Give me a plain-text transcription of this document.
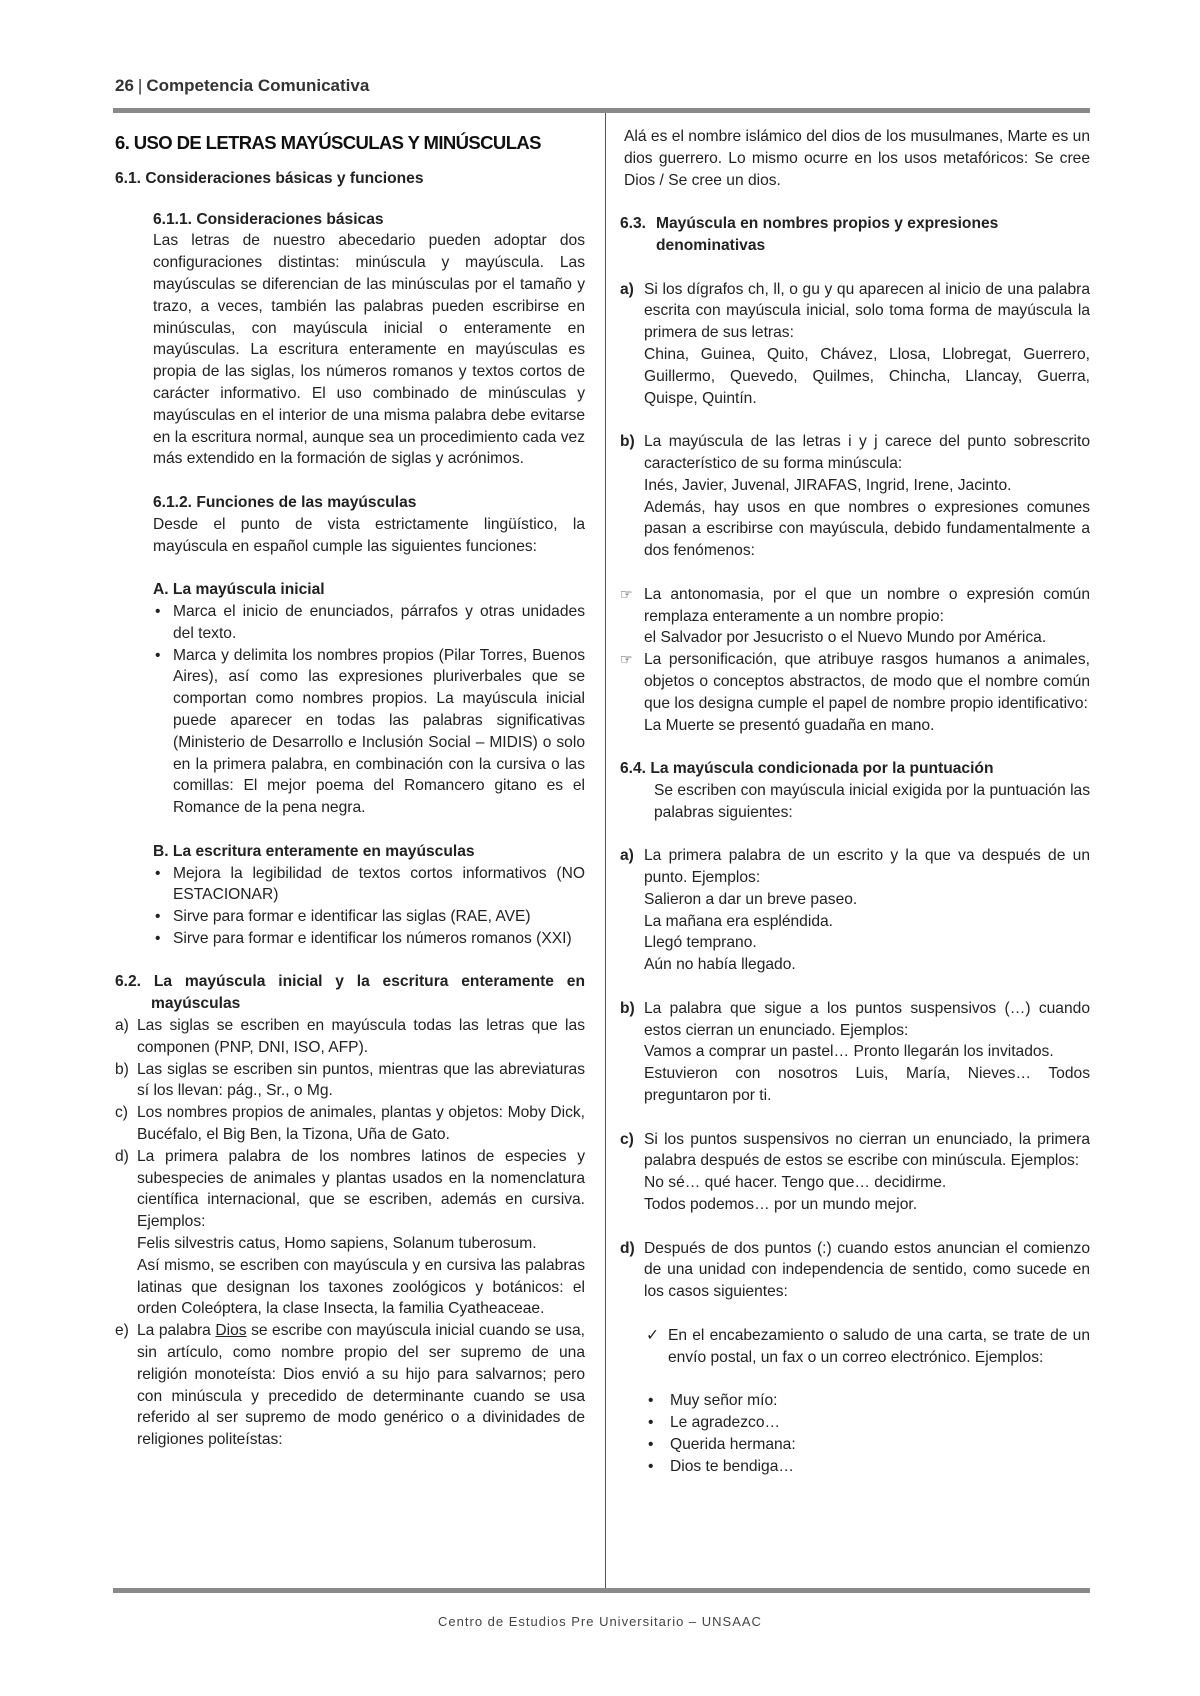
26 | Competencia Comunicativa
Centro de Estudios Pre Universitario – UNSAAC

6. USO DE LETRAS MAYÚSCULAS Y MINÚSCULAS

6.1. Consideraciones básicas y funciones

6.1.1. Consideraciones básicas

Las letras de nuestro abecedario pueden adoptar dos configuraciones distintas: minúscula y mayúscula. Las mayúsculas se diferencian de las minúsculas por el tamaño y trazo, a veces, también las palabras pueden escribirse en minúsculas, con mayúscula inicial o enteramente en mayúsculas. La escritura enteramente en mayúsculas es propia de las siglas, los números romanos y textos cortos de carácter informativo. El uso combinado de minúsculas y mayúsculas en el interior de una misma palabra debe evitarse en la escritura normal, aunque sea un procedimiento cada vez más extendido en la formación de siglas y acrónimos.

6.1.2. Funciones de las mayúsculas

Desde el punto de vista estrictamente lingüístico, la mayúscula en español cumple las siguientes funciones:

A. La mayúscula inicial

• Marca el inicio de enunciados, párrafos y otras unidades del texto.
• Marca y delimita los nombres propios (Pilar Torres, Buenos Aires), así como las expresiones pluriverbales que se comportan como nombres propios. La mayúscula inicial puede aparecer en todas las palabras significativas (Ministerio de Desarrollo e Inclusión Social – MIDIS) o solo en la primera palabra, en combinación con la cursiva o las comillas: El mejor poema del Romancero gitano es el Romance de la pena negra.

B. La escritura enteramente en mayúsculas

• Mejora la legibilidad de textos cortos informativos (NO ESTACIONAR)
• Sirve para formar e identificar las siglas (RAE, AVE)
• Sirve para formar e identificar los números romanos (XXI)
6.2. La mayúscula inicial y la escritura enteramente en mayúsculas
a) Las siglas se escriben en mayúscula todas las letras que las componen (PNP, DNI, ISO, AFP).
b) Las siglas se escriben sin puntos, mientras que las abreviaturas sí los llevan: pág., Sr., o Mg.
c) Los nombres propios de animales, plantas y objetos: Moby Dick, Bucéfalo, el Big Ben, la Tizona, Uña de Gato.
d) La primera palabra de los nombres latinos de especies y subespecies de animales y plantas usados en la nomenclatura científica internacional, que se escriben, además en cursiva. Ejemplos:

Felis silvestris catus, Homo sapiens, Solanum tuberosum.

Así mismo, se escriben con mayúscula y en cursiva las palabras latinas que designan los taxones zoológicos y botánicos: el orden Coleóptera, la clase Insecta, la familia Cyatheaceae.

e) La palabra Dios se escribe con mayúscula inicial cuando se usa, sin artículo, como nombre propio del ser supremo de una religión monoteísta: Dios envió a su hijo para salvarnos; pero con minúscula y precedido de determinante cuando se usa referido al ser supremo de modo genérico o a divinidades de religiones politeístas:

Alá es el nombre islámico del dios de los musulmanes, Marte es un dios guerrero. Lo mismo ocurre en los usos metafóricos: Se cree Dios / Se cree un dios.

6.3. Mayúscula en nombres propios y expresiones denominativas
a) Si los dígrafos ch, ll, o gu y qu aparecen al inicio de una palabra escrita con mayúscula inicial, solo toma forma de mayúscula la primera de sus letras:

China, Guinea, Quito, Chávez, Llosa, Llobregat, Guerrero, Guillermo, Quevedo, Quilmes, Chincha, Llancay, Guerra, Quispe, Quintín.

b) La mayúscula de las letras i y j carece del punto sobrescrito característico de su forma minúscula:

Inés, Javier, Juvenal, JIRAFAS, Ingrid, Irene, Jacinto.

Además, hay usos en que nombres o expresiones comunes pasan a escribirse con mayúscula, debido fundamentalmente a dos fenómenos:

☞ La antonomasia, por el que un nombre o expresión común remplaza enteramente a un nombre propio:

el Salvador por Jesucristo o el Nuevo Mundo por América.

☞ La personificación, que atribuye rasgos humanos a animales, objetos o conceptos abstractos, de modo que el nombre común que los designa cumple el papel de nombre propio identificativo:

La Muerte se presentó guadaña en mano.

6.4. La mayúscula condicionada por la puntuación

Se escriben con mayúscula inicial exigida por la puntuación las palabras siguientes:

a) La primera palabra de un escrito y la que va después de un punto. Ejemplos:

Salieron a dar un breve paseo.

La mañana era espléndida.

Llegó temprano.

Aún no había llegado.

b) La palabra que sigue a los puntos suspensivos (…) cuando estos cierran un enunciado. Ejemplos:

Vamos a comprar un pastel… Pronto llegarán los invitados.

Estuvieron con nosotros Luis, María, Nieves… Todos preguntaron por ti.

c) Si los puntos suspensivos no cierran un enunciado, la primera palabra después de estos se escribe con minúscula. Ejemplos:

No sé… qué hacer. Tengo que… decidirme.

Todos podemos… por un mundo mejor.

d) Después de dos puntos (:) cuando estos anuncian el comienzo de una unidad con independencia de sentido, como sucede en los casos siguientes:

✓ En el encabezamiento o saludo de una carta, se trate de un envío postal, un fax o un correo electrónico. Ejemplos:

• Muy señor mío:
• Le agradezco…
• Querida hermana:
• Dios te bendiga…
